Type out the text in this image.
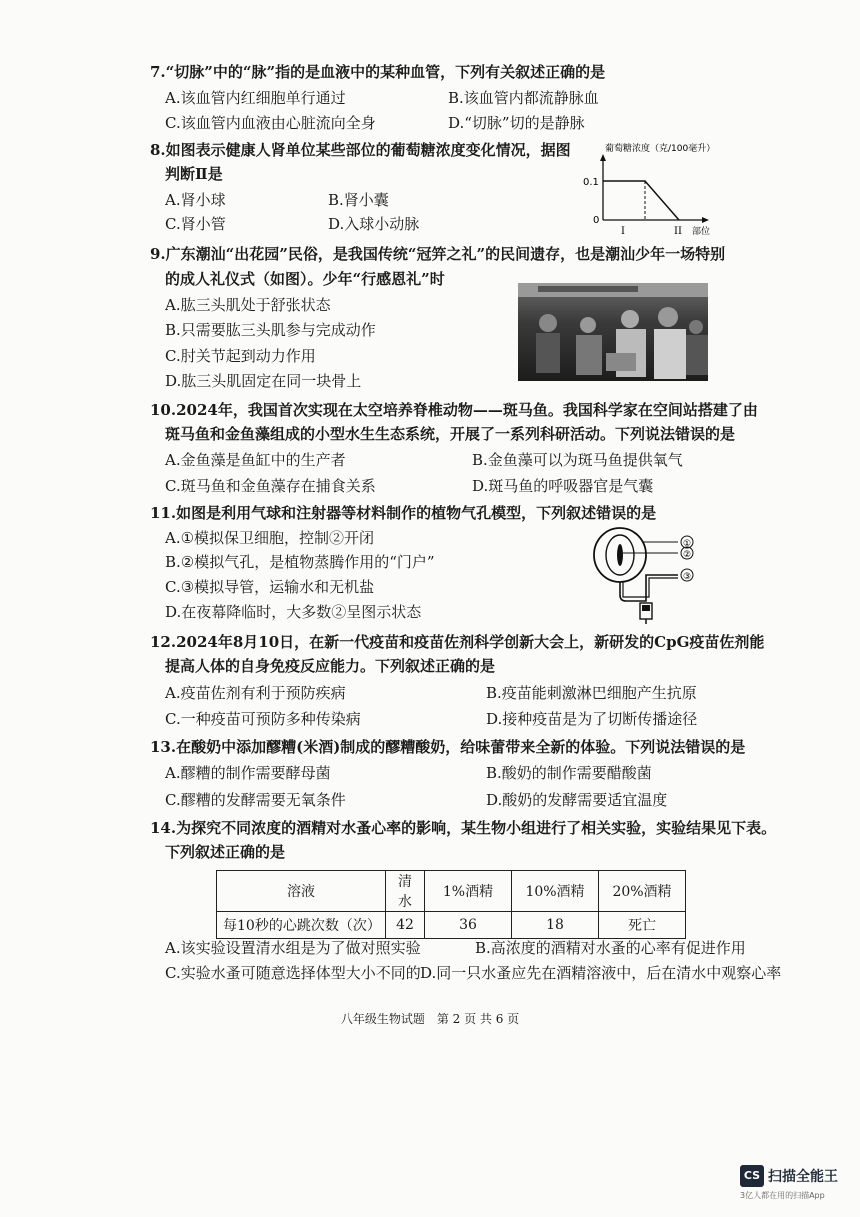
7.“切脉”中的“脉”指的是血液中的某种血管，下列有关叙述正确的是
A.该血管内红细胞单行通过	B.该血管内都流静脉血
C.该血管内血液由心脏流向全身	D.“切脉”切的是静脉
8.如图表示健康人肾单位某些部位的葡萄糖浓度变化情况，据图
判断Ⅱ是
A.肾小球	B.肾小囊
C.肾小管	D.入球小动脉
葡萄糖浓度（克/100毫升）
0.1
0
I	II 部位
9.广东潮汕“出花园”民俗，是我国传统“冠笄之礼”的民间遗存，也是潮汕少年一场特别
的成人礼仪式（如图）。少年“行感恩礼”时
A.肱三头肌处于舒张状态
B.只需要肱三头肌参与完成动作
C.肘关节起到动力作用
D.肱三头肌固定在同一块骨上
10.2024年，我国首次实现在太空培养脊椎动物——斑马鱼。我国科学家在空间站搭建了由
斑马鱼和金鱼藻组成的小型水生生态系统，开展了一系列科研活动。下列说法错误的是
A.金鱼藻是鱼缸中的生产者	B.金鱼藻可以为斑马鱼提供氧气
C.斑马鱼和金鱼藻存在捕食关系	D.斑马鱼的呼吸器官是气囊
11.如图是利用气球和注射器等材料制作的植物气孔模型，下列叙述错误的是
A.①模拟保卫细胞，控制②开闭
B.②模拟气孔，是植物蒸腾作用的“门户”
C.③模拟导管，运输水和无机盐
D.在夜幕降临时，大多数②呈图示状态
①
②
③
12.2024年8月10日，在新一代疫苗和疫苗佐剂科学创新大会上，新研发的CpG疫苗佐剂能
提高人体的自身免疫反应能力。下列叙述正确的是
A.疫苗佐剂有利于预防疾病	B.疫苗能刺激淋巴细胞产生抗原
C.一种疫苗可预防多种传染病	D.接种疫苗是为了切断传播途径
13.在酸奶中添加醪糟(米酒)制成的醪糟酸奶，给味蕾带来全新的体验。下列说法错误的是
A.醪糟的制作需要酵母菌	B.酸奶的制作需要醋酸菌
C.醪糟的发酵需要无氧条件	D.酸奶的发酵需要适宜温度
14.为探究不同浓度的酒精对水蚤心率的影响，某生物小组进行了相关实验，实验结果见下表。
下列叙述正确的是
溶液	清水	1%酒精	10%酒精	20%酒精
每10秒的心跳次数（次）	42	36	18	死亡
A.该实验设置清水组是为了做对照实验	B.高浓度的酒精对水蚤的心率有促进作用
C.实验水蚤可随意选择体型大小不同的 D.同一只水蚤应先在酒精溶液中，后在清水中观察心率
八年级生物试题　第 2 页 共 6 页
CS 扫描全能王
3亿人都在用的扫描App
